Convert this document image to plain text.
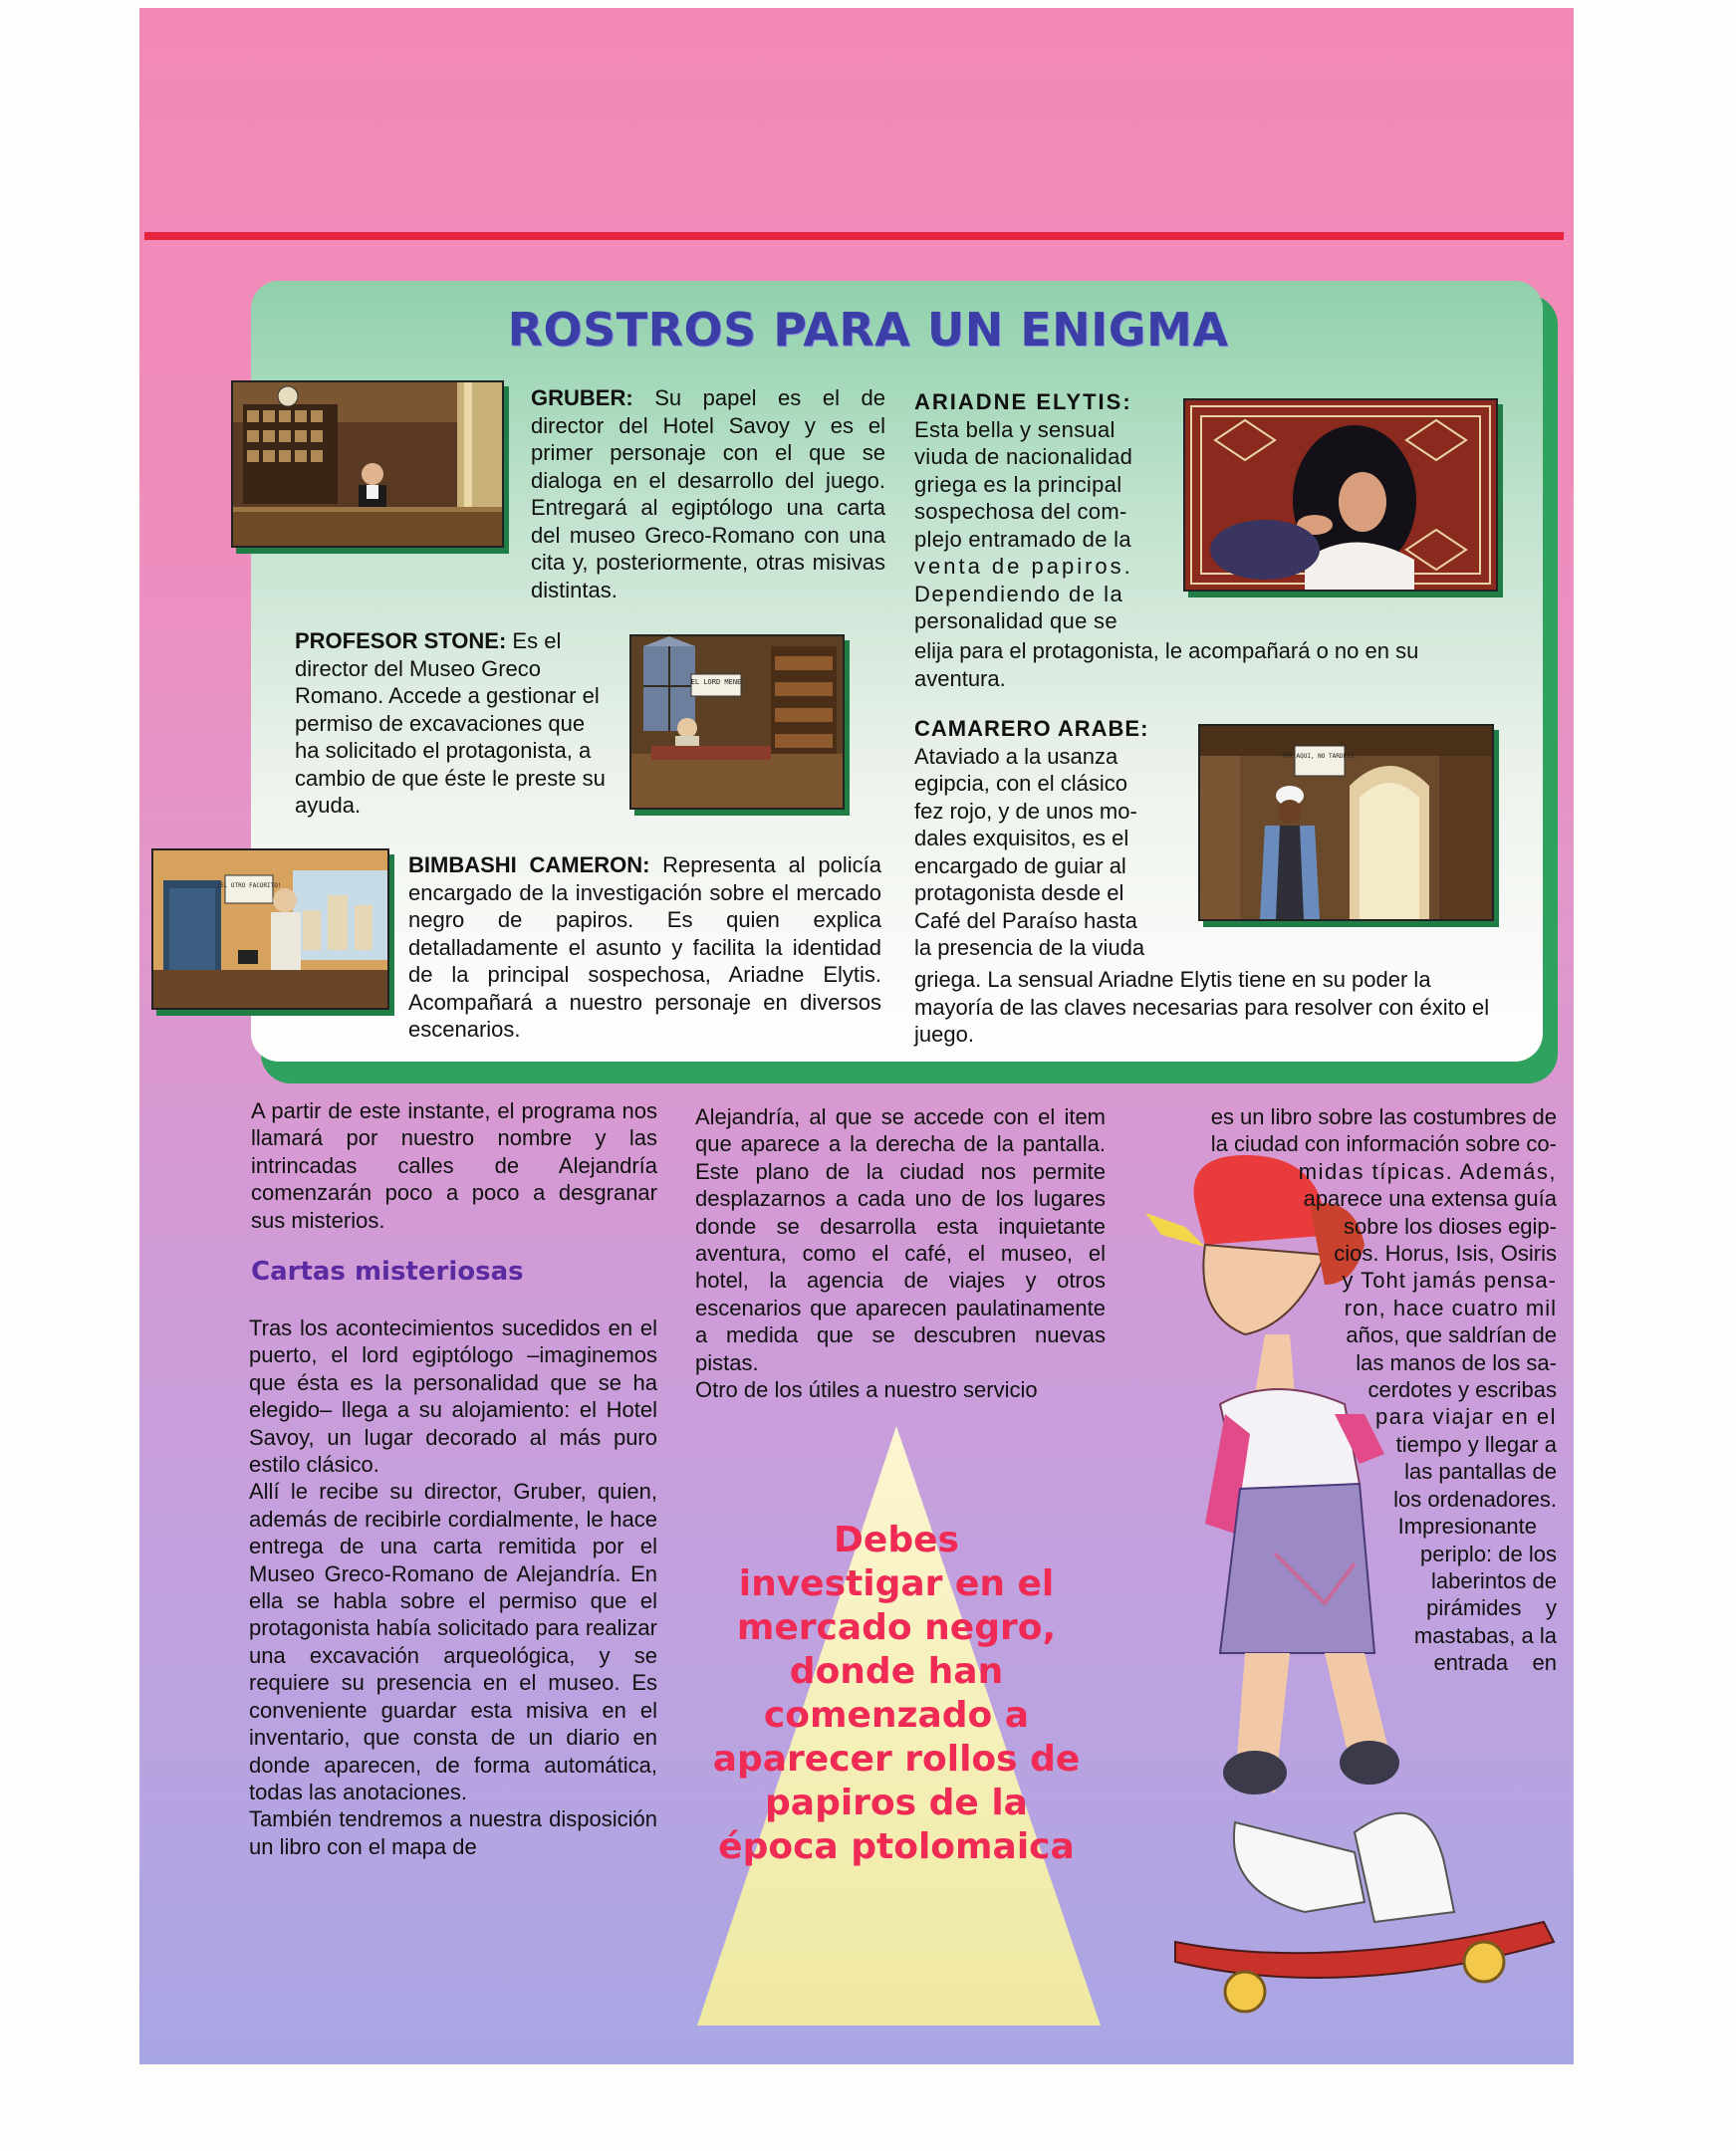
ROSTROS PARA UN ENIGMA
GRUBER: Su papel es el de director del Hotel Savoy y es el primer personaje con el que se dialoga en el desarrollo del juego. Entregará al egiptólogo una carta del museo Greco-Romano con una cita y, posteriormente, otras misivas distintas.
ARIADNE ELYTIS:
Esta bella y sensual
viuda de nacionalidad
griega es la principal
sospechosa del com-
plejo entramado de la
venta de papiros.
Dependiendo de la
personalidad que se
elija para el protagonista, le acompañará o no en su aventura.
PROFESOR STONE: Es el director del Museo Greco Romano. Accede a gestionar el permiso de excavaciones que ha solicitado el protagonista, a cambio de que éste le preste su ayuda.
EL LORD MENE
CAMARERO ARABE:
Ataviado a la usanza
egipcia, con el clásico
fez rojo, y de unos mo-
dales exquisitos, es el
encargado de guiar al
protagonista desde el
Café del Paraíso hasta
la presencia de la viuda
griega. La sensual Ariadne Elytis tiene en su poder la mayoría de las claves necesarias para resolver con éxito el juego.
POR AQUI, NO TARDEIS.
¡EL OTRO FACORITO!
BIMBASHI CAMERON: Representa al policía encargado de la investigación sobre el mercado negro de papiros. Es quien explica detalladamente el asunto y facilita la identidad de la principal sospechosa, Ariadne Elytis. Acompañará a nuestro personaje en diversos escenarios.

A partir de este instante, el programa nos llamará por nuestro nombre y las intrincadas calles de Alejandría comenzarán poco a poco a desgranar sus misterios.

Cartas misteriosas

Tras los acontecimientos sucedidos en el puerto, el lord egiptólogo –imaginemos que ésta es la personalidad que se ha elegido– llega a su alojamiento: el Hotel Savoy, un lugar decorado al más puro estilo clásico.

Allí le recibe su director, Gruber, quien, además de recibirle cordialmente, le hace entrega de una carta remitida por el Museo Greco-Romano de Alejandría. En ella se habla sobre el permiso que el protagonista había solicitado para realizar una excavación arqueológica, y se requiere su presencia en el museo. Es conveniente guardar esta misiva en el inventario, que consta de un diario en donde aparecen, de forma automática, todas las anotaciones.

También tendremos a nuestra disposición un libro con el mapa de

Alejandría, al que se accede con el item que aparece a la derecha de la pantalla. Este plano de la ciudad nos permite desplazarnos a cada uno de los lugares donde se desarrolla esta inquietante aventura, como el café, el museo, el hotel, la agencia de viajes y otros escenarios que aparecen paulatinamente a medida que se descubren nuevas pistas.

Otro de los útiles a nuestro servicio

Debes
investigar en el
mercado negro,
donde han
comenzado a
aparecer rollos de
papiros de la
época ptolomaica
es un libro sobre las costumbres de
la ciudad con información sobre co-
midas típicas. Además,
aparece una extensa guía
sobre los dioses egip-
cios. Horus, Isis, Osiris
y Toht jamás pensa-
ron, hace cuatro mil
años, que saldrían de
las manos de los sa-
cerdotes y escribas
para viajar en el
tiempo y llegar a
las pantallas de
los ordenadores.
Impresionante
periplo: de los
laberintos de
pirámides    y
mastabas, a la
entrada    en
